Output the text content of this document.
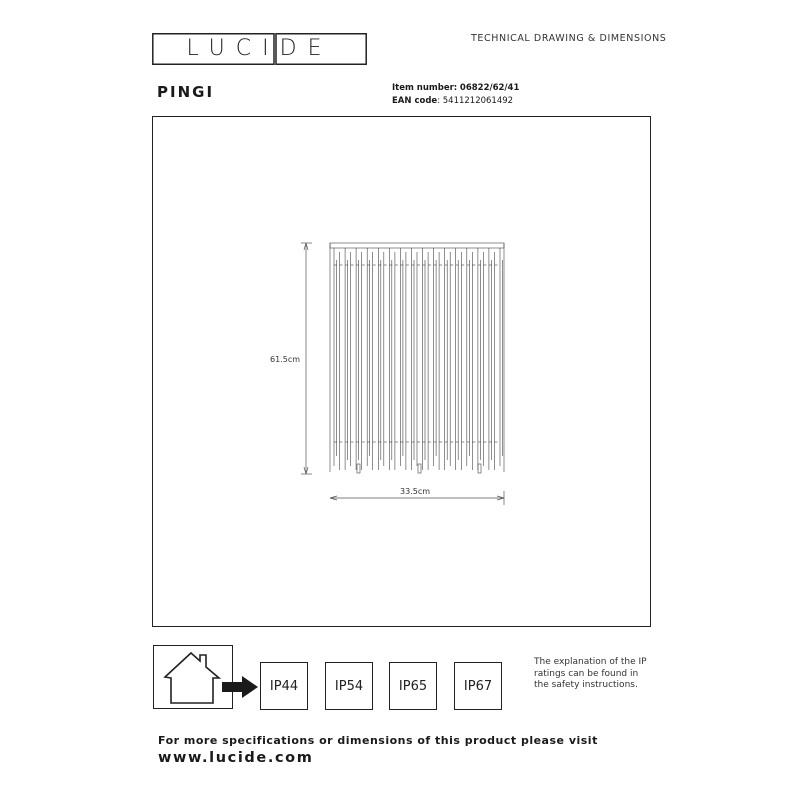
LUCIDE	TECHNICAL DRAWING & DIMENSIONS
PINGI	Item number: 06822/62/41
EAN code: 5411212061492
61.5cm
33.5cm
IP44	IP54	IP65	IP67
The explanation of the IP ratings can be found in the safety instructions.
For more specifications or dimensions of this product please visit
www.lucide.com
